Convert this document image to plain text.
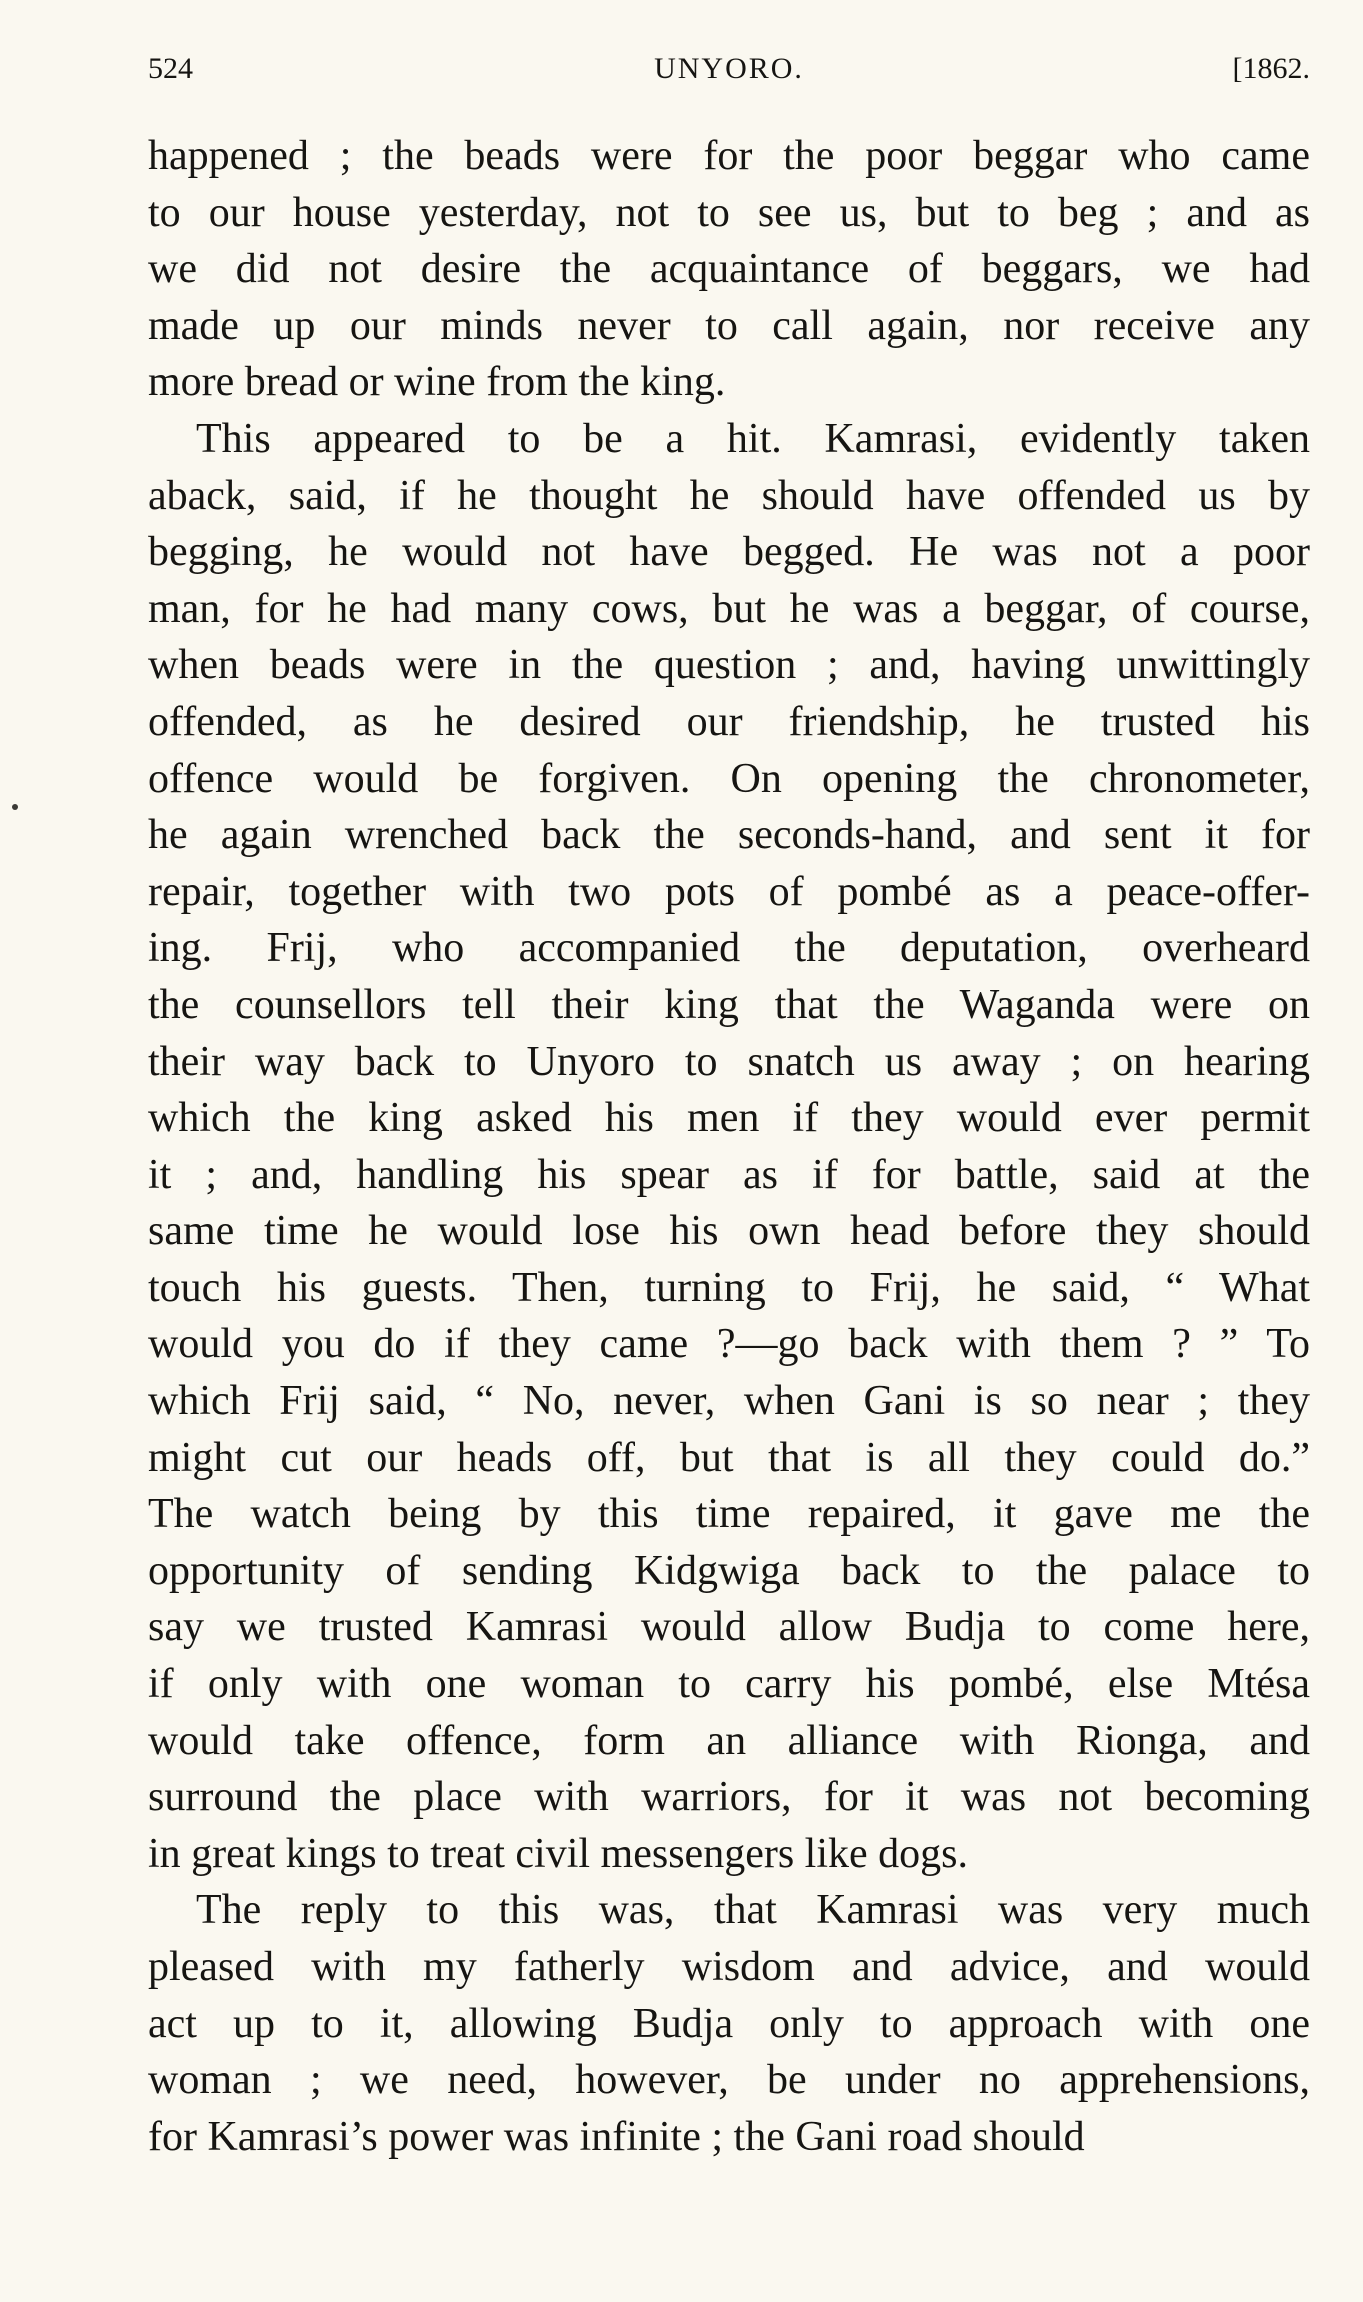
524	UNYORO.	[1862.
happened ; the beads were for the poor beggar who came
to our house yesterday, not to see us, but to beg ; and as
we did not desire the acquaintance of beggars, we had
made up our minds never to call again, nor receive any
more bread or wine from the king.
This appeared to be a hit. Kamrasi, evidently taken
aback, said, if he thought he should have offended us by
begging, he would not have begged. He was not a poor
man, for he had many cows, but he was a beggar, of course,
when beads were in the question ; and, having unwittingly
offended, as he desired our friendship, he trusted his
offence would be forgiven. On opening the chronometer,
he again wrenched back the seconds-hand, and sent it for
repair, together with two pots of pombé as a peace-offer-
ing. Frij, who accompanied the deputation, overheard
the counsellors tell their king that the Waganda were on
their way back to Unyoro to snatch us away ; on hearing
which the king asked his men if they would ever permit
it ; and, handling his spear as if for battle, said at the
same time he would lose his own head before they should
touch his guests. Then, turning to Frij, he said, “ What
would you do if they came ?—go back with them ? ” To
which Frij said, “ No, never, when Gani is so near ; they
might cut our heads off, but that is all they could do.”
The watch being by this time repaired, it gave me the
opportunity of sending Kidgwiga back to the palace to
say we trusted Kamrasi would allow Budja to come here,
if only with one woman to carry his pombé, else Mtésa
would take offence, form an alliance with Rionga, and
surround the place with warriors, for it was not becoming
in great kings to treat civil messengers like dogs.
The reply to this was, that Kamrasi was very much
pleased with my fatherly wisdom and advice, and would
act up to it, allowing Budja only to approach with one
woman ; we need, however, be under no apprehensions,
for Kamrasi’s power was infinite ; the Gani road should
